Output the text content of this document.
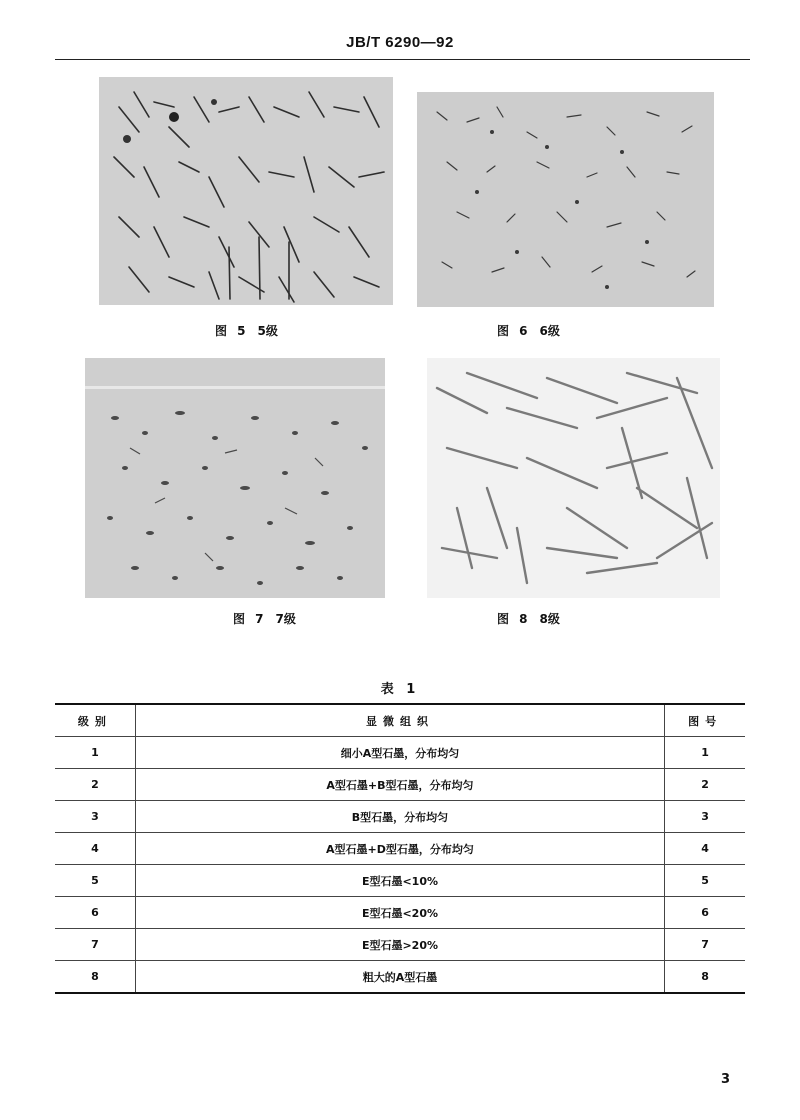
JB/T 6290—92
图 5　5级	图 6　6级
图 7　7级	图 8　8级
表 1
级别	显微组织	图号
1	细小A型石墨，分布均匀	1
2	A型石墨+B型石墨，分布均匀	2
3	B型石墨，分布均匀	3
4	A型石墨+D型石墨，分布均匀	4
5	E型石墨<10%	5
6	E型石墨<20%	6
7	E型石墨>20%	7
8	粗大的A型石墨	8
3
